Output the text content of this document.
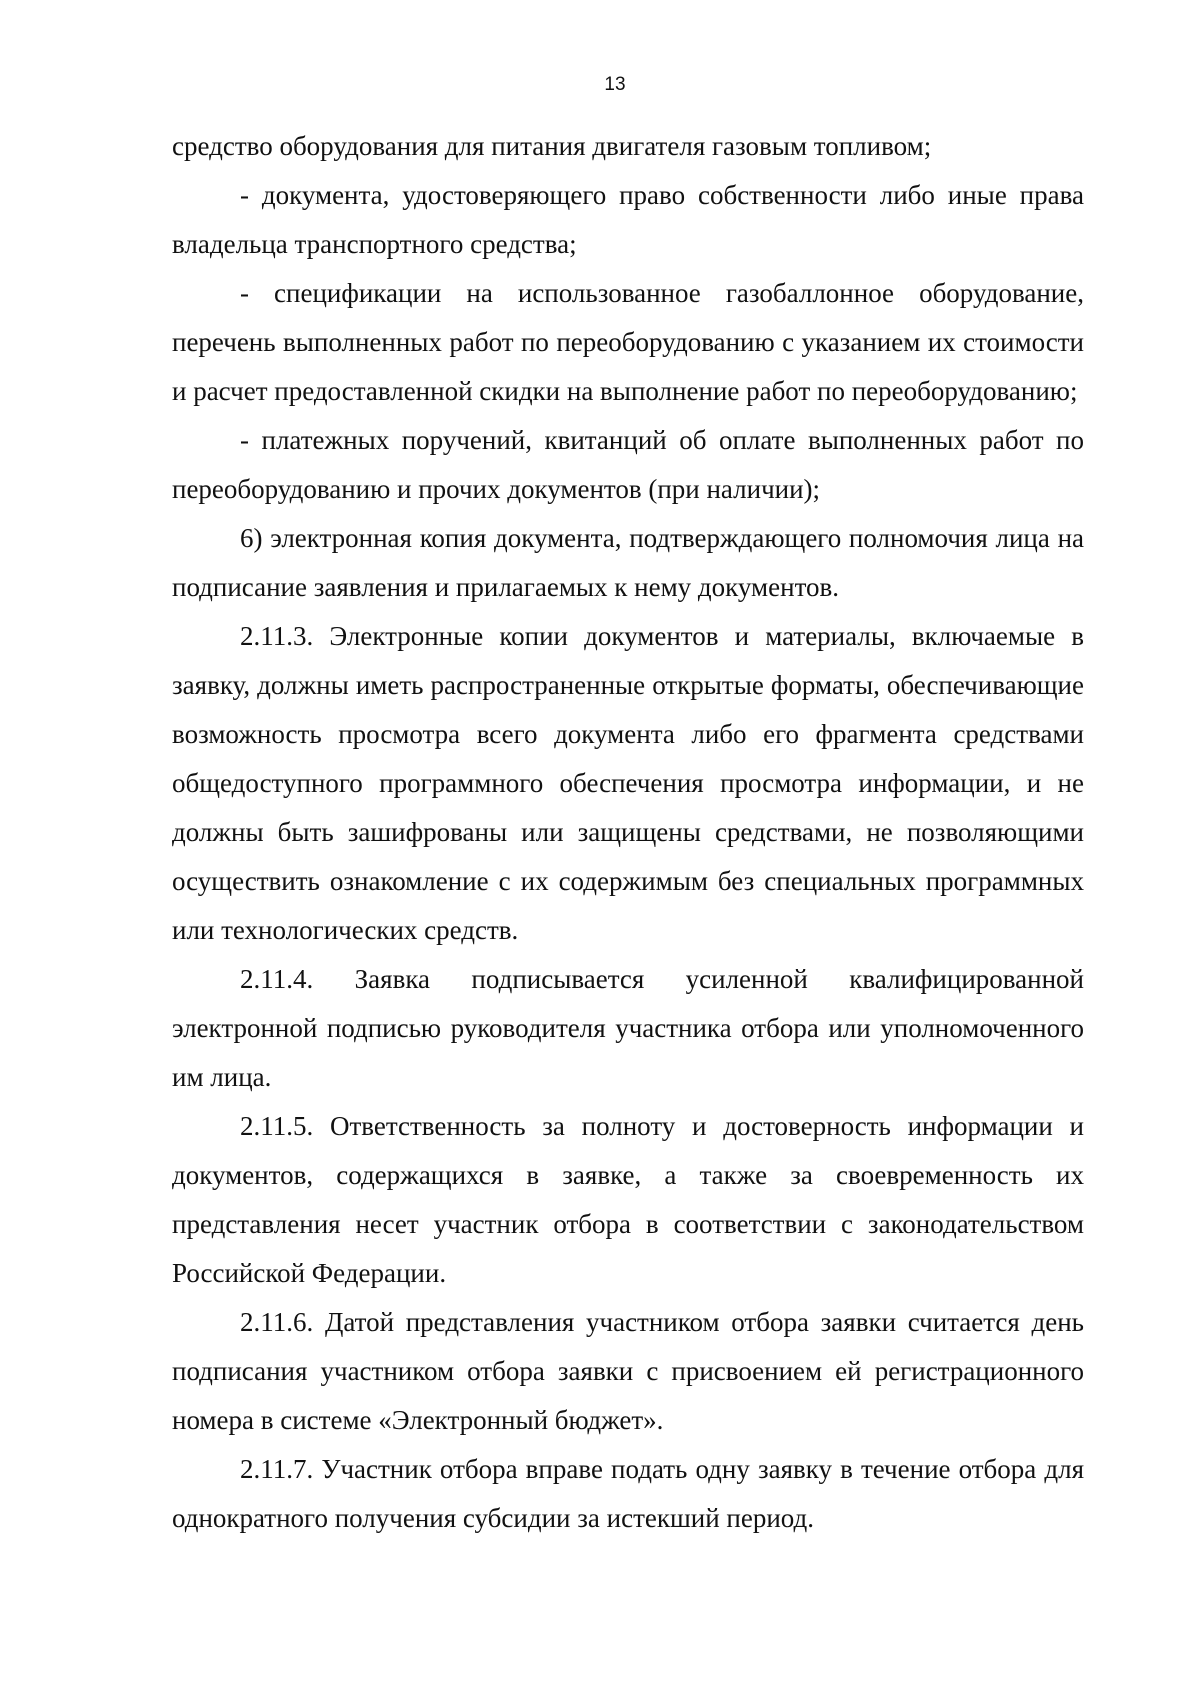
13

средство оборудования для питания двигателя газовым топливом;

- документа, удостоверяющего право собственности либо иные права владельца транспортного средства;

- спецификации на использованное газобаллонное оборудование, перечень выполненных работ по переоборудованию с указанием их стоимости и расчет предоставленной скидки на выполнение работ по переоборудованию;

- платежных поручений, квитанций об оплате выполненных работ по переоборудованию и прочих документов (при наличии);

6) электронная копия документа, подтверждающего полномочия лица на подписание заявления и прилагаемых к нему документов.

2.11.3. Электронные копии документов и материалы, включаемые в заявку, должны иметь распространенные открытые форматы, обеспечивающие возможность просмотра всего документа либо его фрагмента средствами общедоступного программного обеспечения просмотра информации, и не должны быть зашифрованы или защищены средствами, не позволяющими осуществить ознакомление с их содержимым без специальных программных или технологических средств.

2.11.4. Заявка подписывается усиленной квалифицированной электронной подписью руководителя участника отбора или уполномоченного им лица.

2.11.5. Ответственность за полноту и достоверность информации и документов, содержащихся в заявке, а также за своевременность их представления несет участник отбора в соответствии с законодательством Российской Федерации.

2.11.6. Датой представления участником отбора заявки считается день подписания участником отбора заявки с присвоением ей регистрационного номера в системе «Электронный бюджет».

2.11.7. Участник отбора вправе подать одну заявку в течение отбора для однократного получения субсидии за истекший период.
